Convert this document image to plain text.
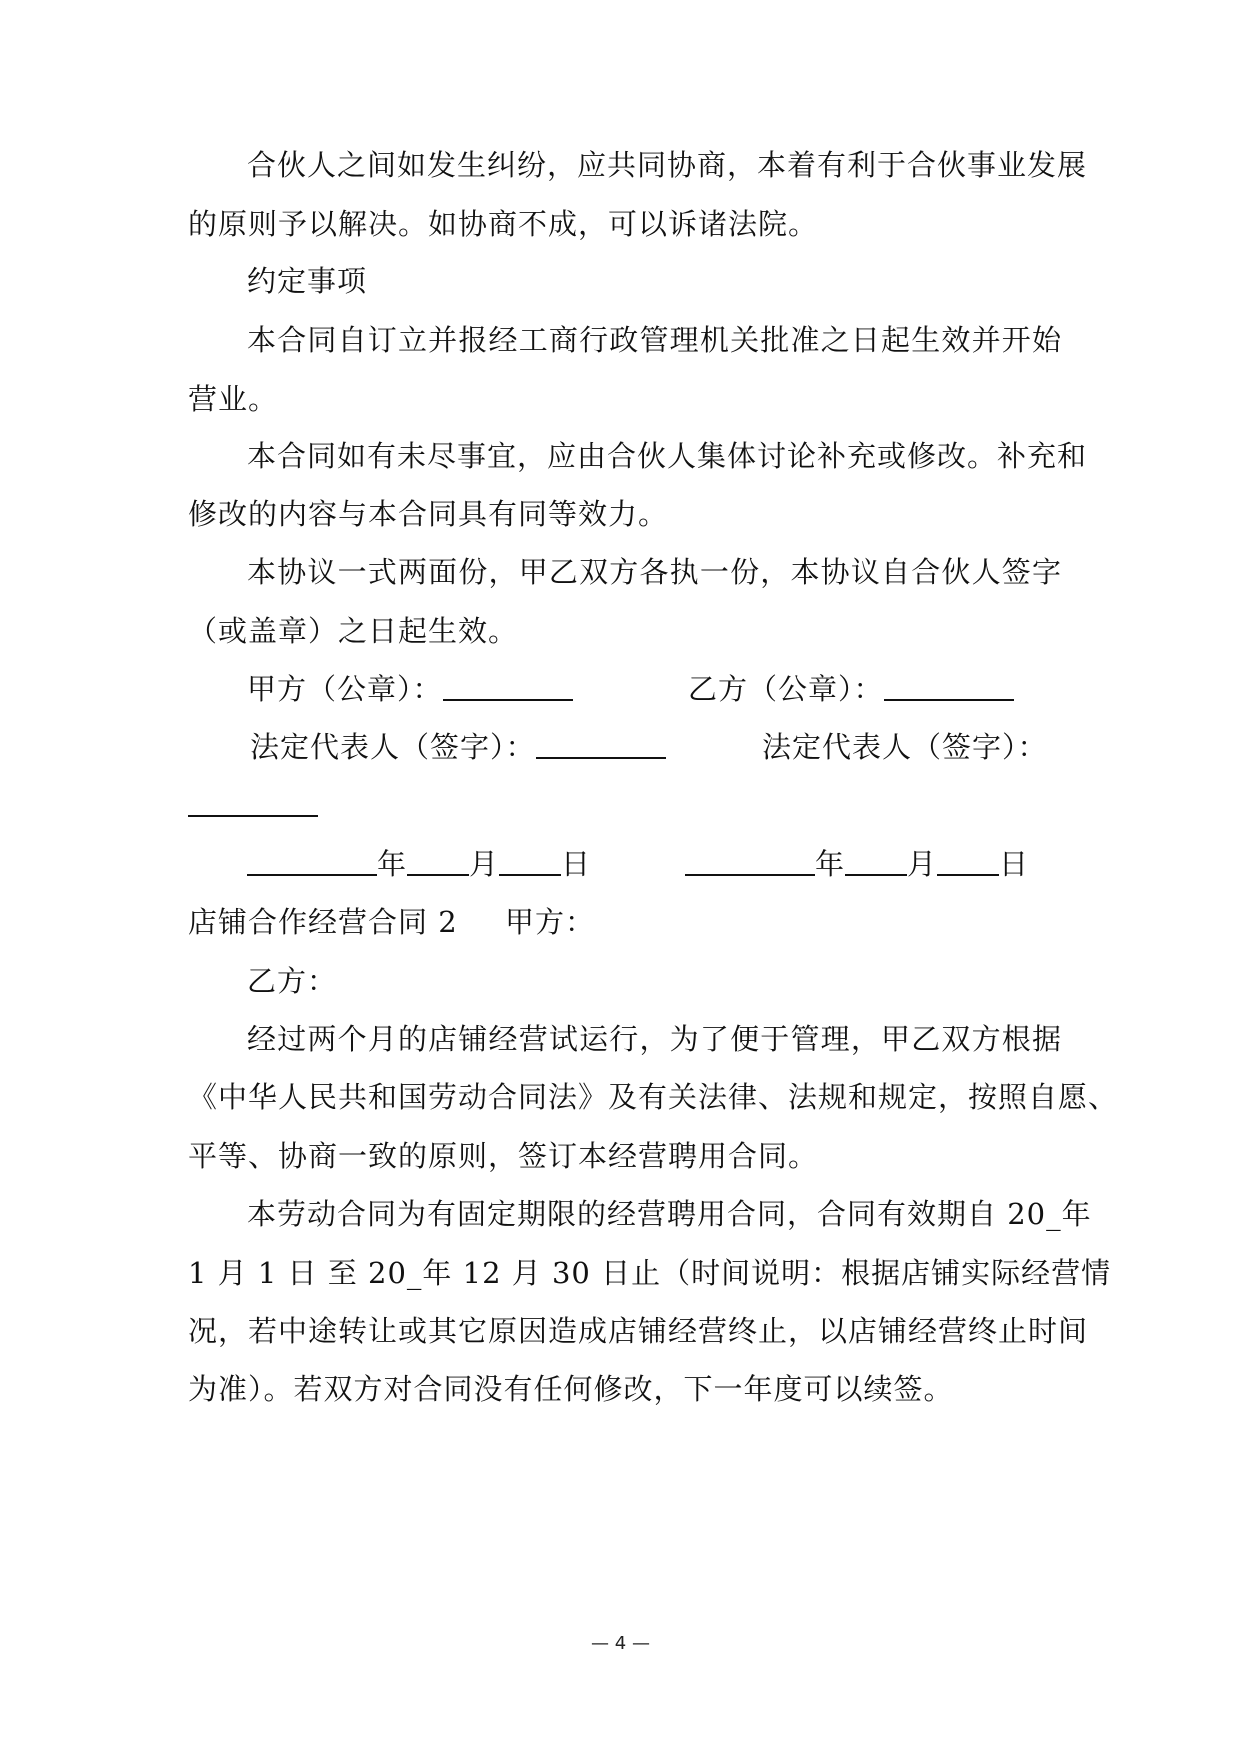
合伙人之间如发生纠纷，应共同协商，本着有利于合伙事业发展
的原则予以解决。如协商不成，可以诉诸法院。
约定事项
本合同自订立并报经工商行政管理机关批准之日起生效并开始
营业。
本合同如有未尽事宜，应由合伙人集体讨论补充或修改。补充和
修改的内容与本合同具有同等效力。
本协议一式两面份，甲乙双方各执一份，本协议自合伙人签字
（或盖章）之日起生效。
甲方（公章）：	乙方（公章）：
法定代表人（签字）：	法定代表人（签字）：
年 月 日	年 月 日
店铺合作经营合同 2 甲方：
乙方：
经过两个月的店铺经营试运行，为了便于管理，甲乙双方根据
《中华人民共和国劳动合同法》及有关法律、法规和规定，按照自愿、
平等、协商一致的原则，签订本经营聘用合同。
本劳动合同为有固定期限的经营聘用合同，合同有效期自 20_年
1 月 1 日 至 20_年 12 月 30 日止（时间说明：根据店铺实际经营情
况，若中途转让或其它原因造成店铺经营终止，以店铺经营终止时间
为准）。若双方对合同没有任何修改，下一年度可以续签。
— 4 —
